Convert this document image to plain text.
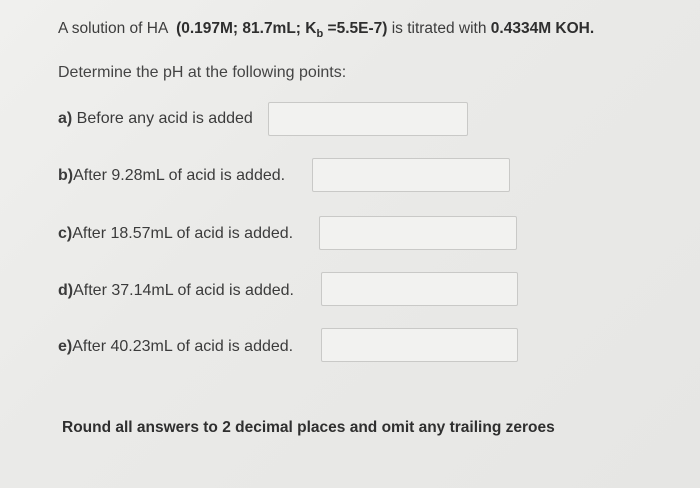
A solution of HA (0.197M; 81.7mL; $K_b =5.5E-7$) is titrated with 0.4334M KOH.
Determine the pH at the following points:
a) Before any acid is added
b)After 9.28mL of acid is added.
c)After 18.57mL of acid is added.
d)After 37.14mL of acid is added.
e)After 40.23mL of acid is added.
Round all answers to 2 decimal places and omit any trailing zeroes
